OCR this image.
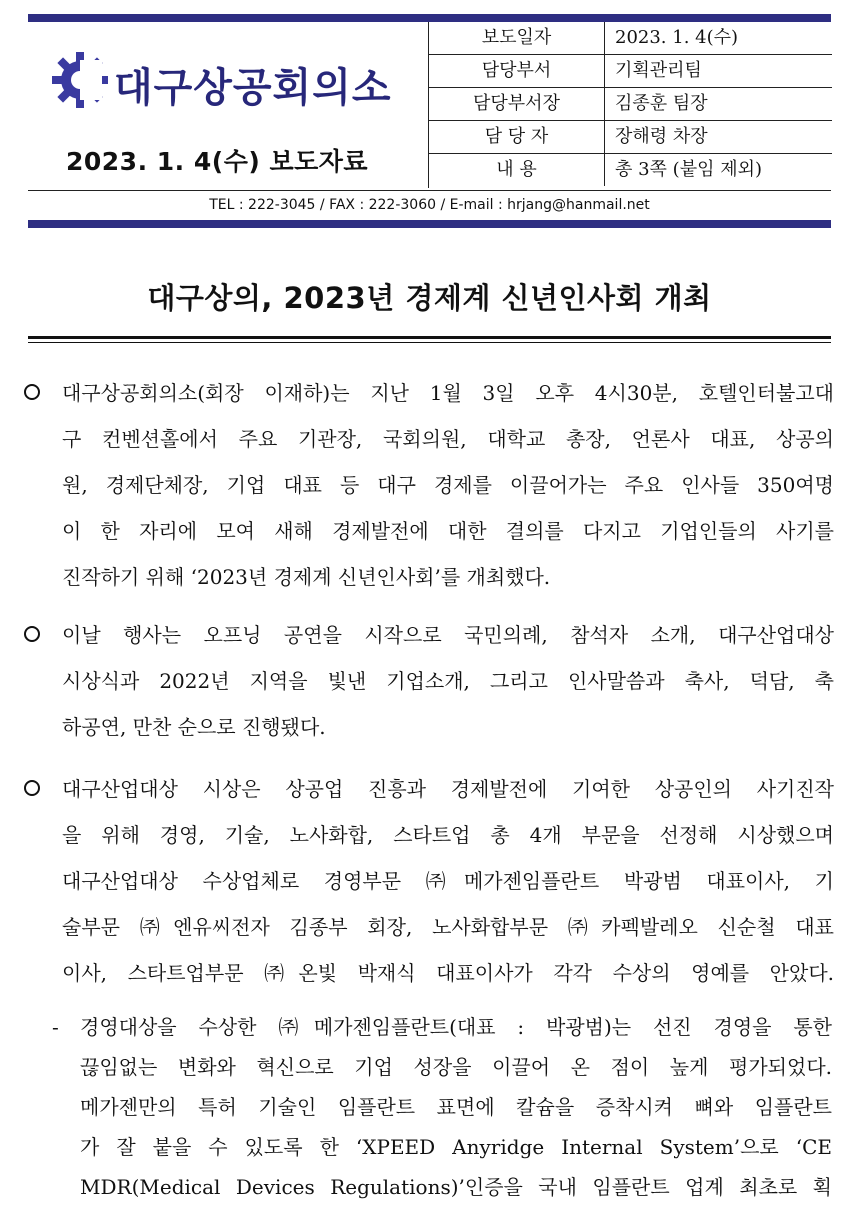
대구상공회의소
2023. 1. 4(수) 보도자료
보도일자	2023. 1. 4(수)
담당부서	기획관리팀
담당부서장	김종훈 팀장
담 당 자	장해령 차장
내 용	총 3쪽 (붙임 제외)
TEL : 222-3045 / FAX : 222-3060 / E-mail : hrjang@hanmail.net
대구상의, 2023년 경제계 신년인사회 개최
대구상공회의소(회장 이재하)는 지난 1월 3일 오후 4시30분, 호텔인터불고대
구 컨벤션홀에서 주요 기관장, 국회의원, 대학교 총장, 언론사 대표, 상공의
원, 경제단체장, 기업 대표 등 대구 경제를 이끌어가는 주요 인사들 350여명
이 한 자리에 모여 새해 경제발전에 대한 결의를 다지고 기업인들의 사기를
진작하기 위해 ‘2023년 경제계 신년인사회’를 개최했다.
이날 행사는 오프닝 공연을 시작으로 국민의례, 참석자 소개, 대구산업대상
시상식과 2022년 지역을 빛낸 기업소개, 그리고 인사말씀과 축사, 덕담, 축
하공연, 만찬 순으로 진행됐다.
대구산업대상 시상은 상공업 진흥과 경제발전에 기여한 상공인의 사기진작
을 위해 경영, 기술, 노사화합, 스타트업 총 4개 부문을 선정해 시상했으며
대구산업대상 수상업체로 경영부문 ㈜메가젠임플란트 박광범 대표이사, 기
술부문 ㈜엔유씨전자 김종부 회장, 노사화합부문 ㈜카펙발레오 신순철 대표
이사, 스타트업부문 ㈜온빛 박재식 대표이사가 각각 수상의 영예를 안았다.
- 경영대상을 수상한 ㈜메가젠임플란트(대표 : 박광범)는 선진 경영을 통한
끊임없는 변화와 혁신으로 기업 성장을 이끌어 온 점이 높게 평가되었다.
메가젠만의 특허 기술인 임플란트 표면에 칼슘을 증착시켜 뼈와 임플란트
가 잘 붙을 수 있도록 한 ‘XPEED Anyridge Internal System’으로 ‘CE
MDR(Medical Devices Regulations)’인증을 국내 임플란트 업계 최초로 획
